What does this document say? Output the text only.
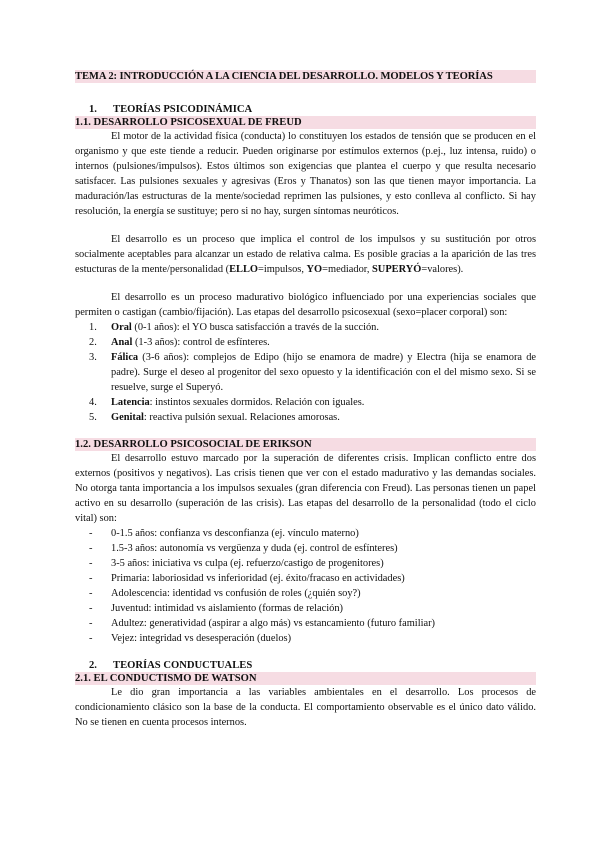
TEMA 2: INTRODUCCIÓN A LA CIENCIA DEL DESARROLLO. MODELOS Y TEORÍAS
1. TEORÍAS PSICODINÁMICA
1.1. DESARROLLO PSICOSEXUAL DE FREUD

El motor de la actividad física (conducta) lo constituyen los estados de tensión que se producen en el organismo y que este tiende a reducir. Pueden originarse por estímulos externos (p.ej., luz intensa, ruido) o internos (pulsiones/impulsos). Estos últimos son exigencias que plantea el cuerpo y que resulta necesario satisfacer. Las pulsiones sexuales y agresivas (Eros y Thanatos) son las que tienen mayor importancia. La maduración/las estructuras de la mente/sociedad reprimen las pulsiones, y esto conlleva al conflicto. Si hay resolución, la energía se sustituye; pero si no hay, surgen síntomas neuróticos.

El desarrollo es un proceso que implica el control de los impulsos y su sustitución por otros socialmente aceptables para alcanzar un estado de relativa calma. Es posible gracias a la aparición de las tres estucturas de la mente/personalidad (ELLO=impulsos, YO=mediador, SUPERYÓ=valores).

El desarrollo es un proceso madurativo biológico influenciado por una experiencias sociales que permiten o castigan (cambio/fijación). Las etapas del desarrollo psicosexual (sexo=placer corporal) son:

1. Oral (0-1 años): el YO busca satisfacción a través de la succión.
2. Anal (1-3 años): control de esfínteres.
3. Fálica (3-6 años): complejos de Edipo (hijo se enamora de madre) y Electra (hija se enamora de padre). Surge el deseo al progenitor del sexo opuesto y la identificación con el del mismo sexo. Si se resuelve, surge el Superyó.
4. Latencia: instintos sexuales dormidos. Relación con iguales.
5. Genital: reactiva pulsión sexual. Relaciones amorosas.
1.2. DESARROLLO PSICOSOCIAL DE ERIKSON

El desarrollo estuvo marcado por la superación de diferentes crisis. Implican conflicto entre dos externos (positivos y negativos). Las crisis tienen que ver con el estado madurativo y las demandas sociales. No otorga tanta importancia a los impulsos sexuales (gran diferencia con Freud). Las personas tienen un papel activo en su desarrollo (superación de las crisis). Las etapas del desarrollo de la personalidad (todo el ciclo vital) son:

- 0-1.5 años: confianza vs desconfianza (ej. vínculo materno)
- 1.5-3 años: autonomía vs vergüenza y duda (ej. control de esfínteres)
- 3-5 años: iniciativa vs culpa (ej. refuerzo/castigo de progenitores)
- Primaria: laboriosidad vs inferioridad (ej. éxito/fracaso en actividades)
- Adolescencia: identidad vs confusión de roles (¿quién soy?)
- Juventud: intimidad vs aislamiento (formas de relación)
- Adultez: generatividad (aspirar a algo más) vs estancamiento (futuro familiar)
- Vejez: integridad vs desesperación (duelos)
2. TEORÍAS CONDUCTUALES
2.1. EL CONDUCTISMO DE WATSON

Le dio gran importancia a las variables ambientales en el desarrollo. Los procesos de condicionamiento clásico son la base de la conducta. El comportamiento observable es el único dato válido. No se tienen en cuenta procesos internos.
